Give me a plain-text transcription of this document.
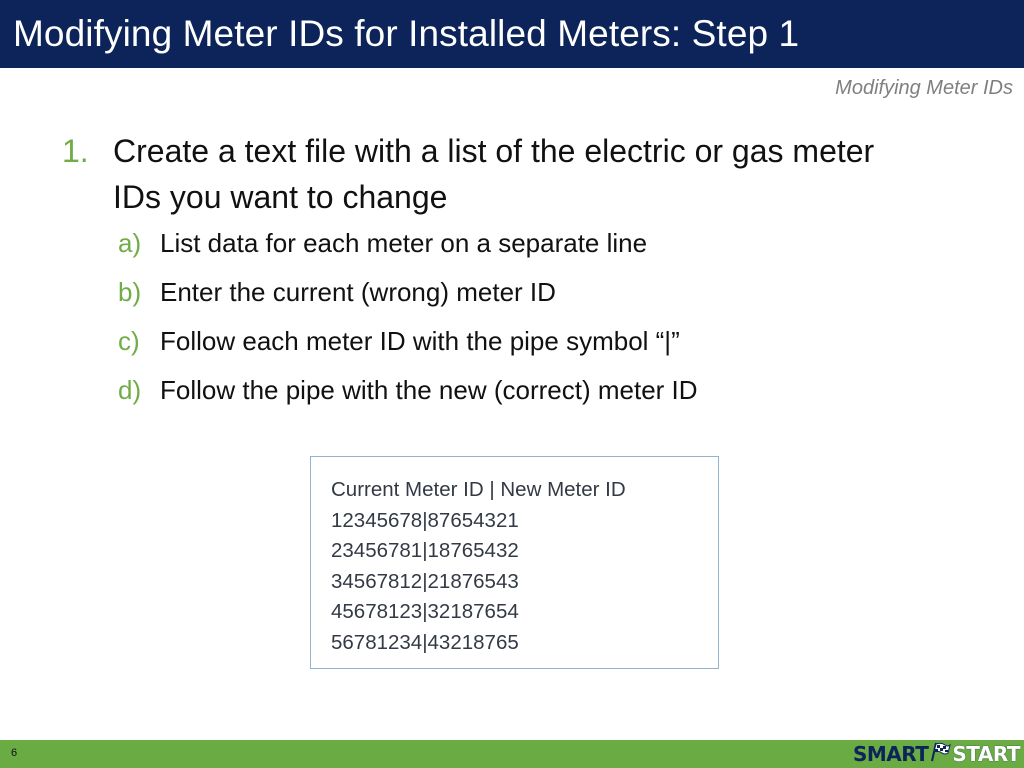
Modifying Meter IDs for Installed Meters: Step 1
Modifying Meter IDs
1. Create a text file with a list of the electric or gas meter IDs you want to change
a) List data for each meter on a separate line
b) Enter the current (wrong) meter ID
c) Follow each meter ID with the pipe symbol “|”
d) Follow the pipe with the new (correct) meter ID
Current Meter ID | New Meter ID
12345678|87654321
23456781|18765432
34567812|21876543
45678123|32187654
56781234|43218765
6	SMART START
